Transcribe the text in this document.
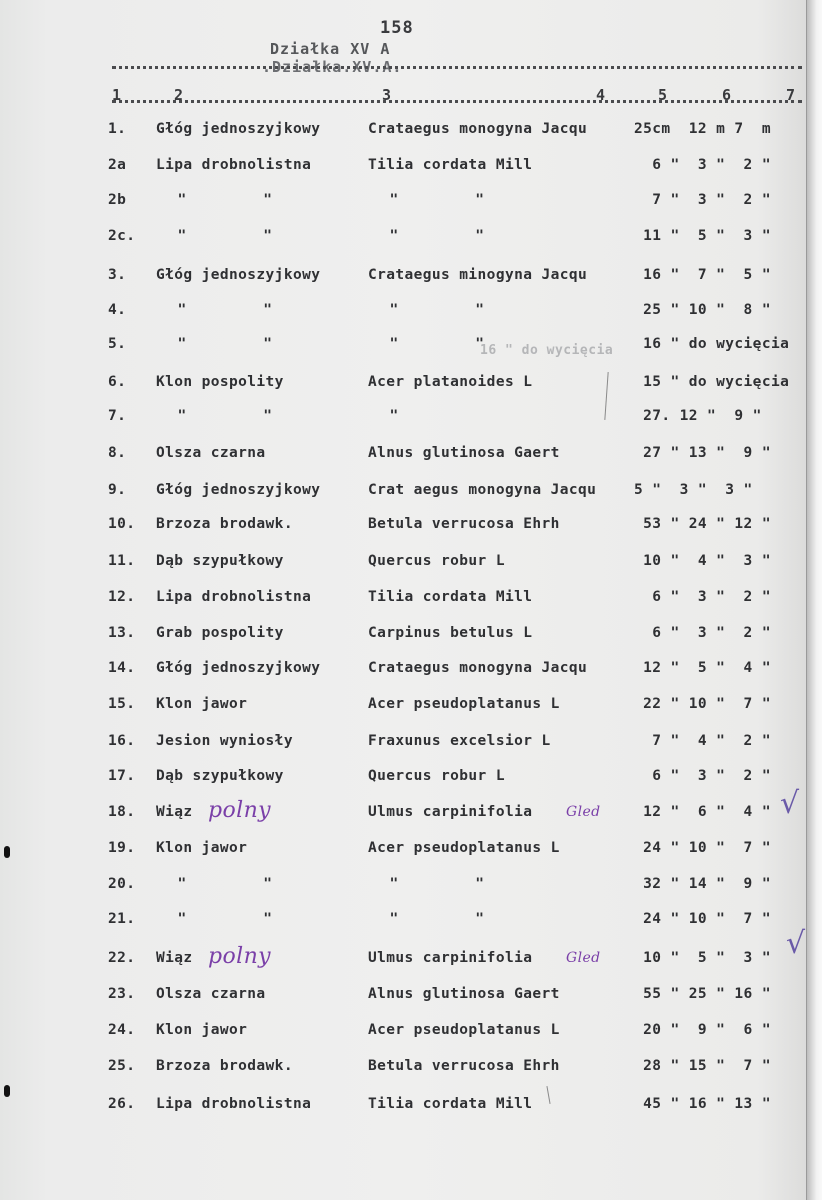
158
Działka XV A
.Działka.XV.A.
1	2	3	4	5	6	7
1. Głóg jednoszyjkowy	Crataegus monogyna Jacqu	25cm  12 m 7  m
2a Lipa drobnolistna	Tilia cordata Mill	6 "  3 "  2 "
2b "       "	"       "	7 "  3 "  2 "
2c. "       "	"       "	11 "  5 "  3 "
3. Głóg jednoszyjkowy	Crataegus minogyna Jacqu	16 "  7 "  5 "
4. "       "	"       "	25 " 10 "  8 "
5. "       "	"       "	16 " do wycięcia
6. Klon pospolity	Acer platanoides L	15 " do wycięcia
7. "       "	"	27. 12 "  9 "
8. Olsza czarna	Alnus glutinosa Gaert	27 " 13 "  9 "
9. Głóg jednoszyjkowy	Crat aegus monogyna Jacqu	5 "  3 "  3 "
10. Brzoza brodawk.	Betula verrucosa Ehrh	53 " 24 " 12 "
11. Dąb szypułkowy	Quercus robur L	10 "  4 "  3 "
12. Lipa drobnolistna	Tilia cordata Mill	6 "  3 "  2 "
13. Grab pospolity	Carpinus betulus L	6 "  3 "  2 "
14. Głóg jednoszyjkowy	Crataegus monogyna Jacqu	12 "  5 "  4 "
15. Klon jawor	Acer pseudoplatanus L	22 " 10 "  7 "
16. Jesion wyniosły	Fraxunus excelsior L	7 "  4 "  2 "
17. Dąb szypułkowy	Quercus robur L	6 "  3 "  2 "
18. Wiąz polny	Ulmus carpinifolia Gled 12 "  6 "  4 "
19. Klon jawor	Acer pseudoplatanus L	24 " 10 "  7 "
20. "       "	"       "	32 " 14 "  9 "
21. "       "	"       "	24 " 10 "  7 "
22. Wiąz polny	Ulmus carpinifolia Gled 10 "  5 "  3 "
23. Olsza czarna	Alnus glutinosa Gaert	55 " 25 " 16 "
24. Klon jawor	Acer pseudoplatanus L	20 "  9 "  6 "
25. Brzoza brodawk.	Betula verrucosa Ehrh	28 " 15 "  7 "
26. Lipa drobnolistna	Tilia cordata Mill	45 " 16 " 13 "
16 " do wycięcia
√
√
